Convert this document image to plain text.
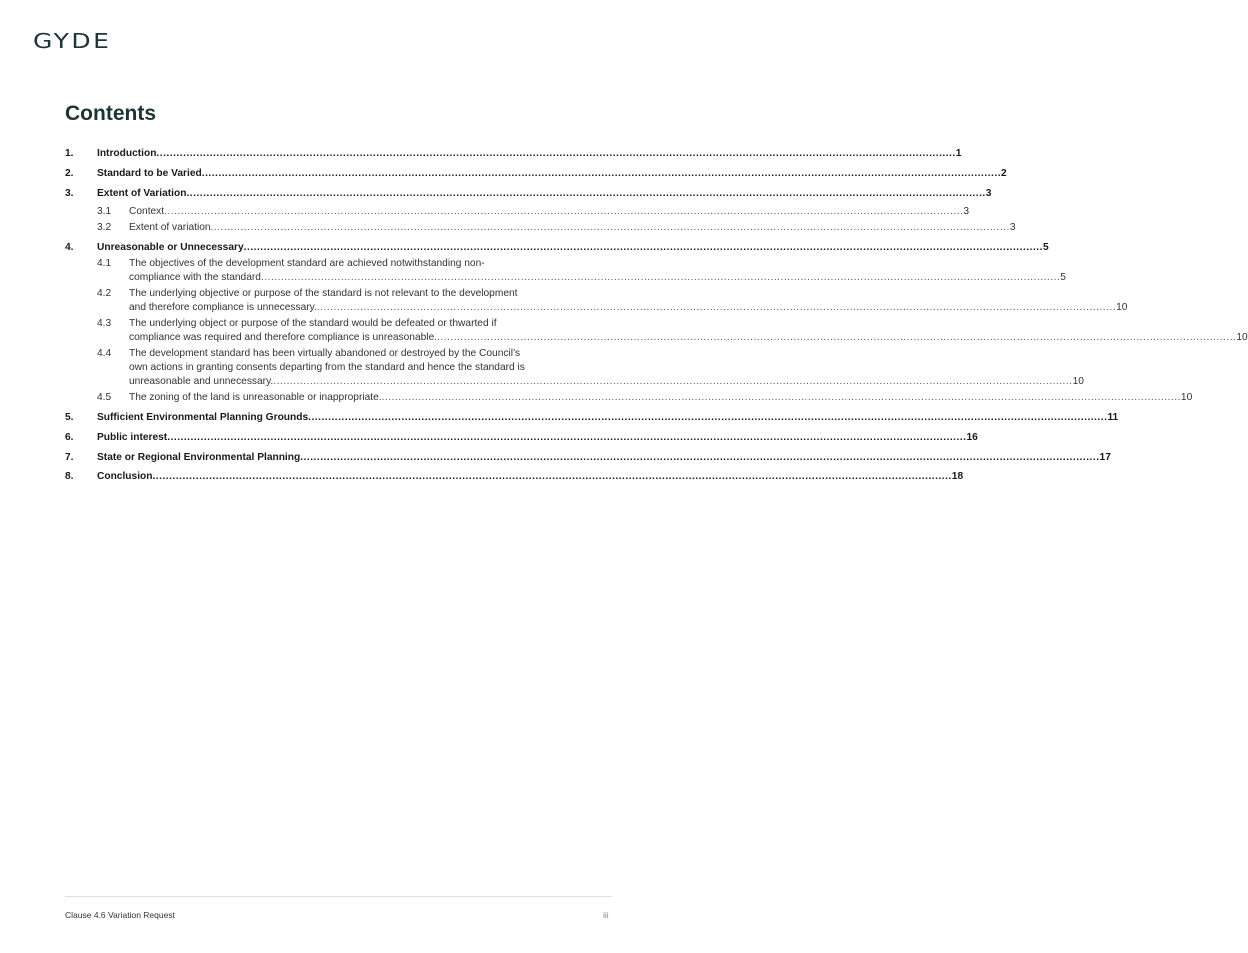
GYDE
Contents
1.	Introduction .....	1
2.	Standard to be Varied .....	2
3.	Extent of Variation .....	3
3.1	Context .....	3
3.2	Extent of variation .....	3
4.	Unreasonable or Unnecessary .....	5
4.1	The objectives of the development standard are achieved notwithstanding non-
compliance with the standard .....	5
4.2	The underlying objective or purpose of the standard is not relevant to the development
and therefore compliance is unnecessary. .....	10
4.3	The underlying object or purpose of the standard would be defeated or thwarted if
compliance was required and therefore compliance is unreasonable. .....	10
4.4	The development standard has been virtually abandoned or destroyed by the Council’s
own actions in granting consents departing from the standard and hence the standard is
unreasonable and unnecessary. .....	10
4.5	The zoning of the land is unreasonable or inappropriate. .....	10
5.	Sufficient Environmental Planning Grounds .....	11
6.	Public interest .....	16
7.	State or Regional Environmental Planning .....	17
8.	Conclusion .....	18
Clause 4.6 Variation Request	iii
